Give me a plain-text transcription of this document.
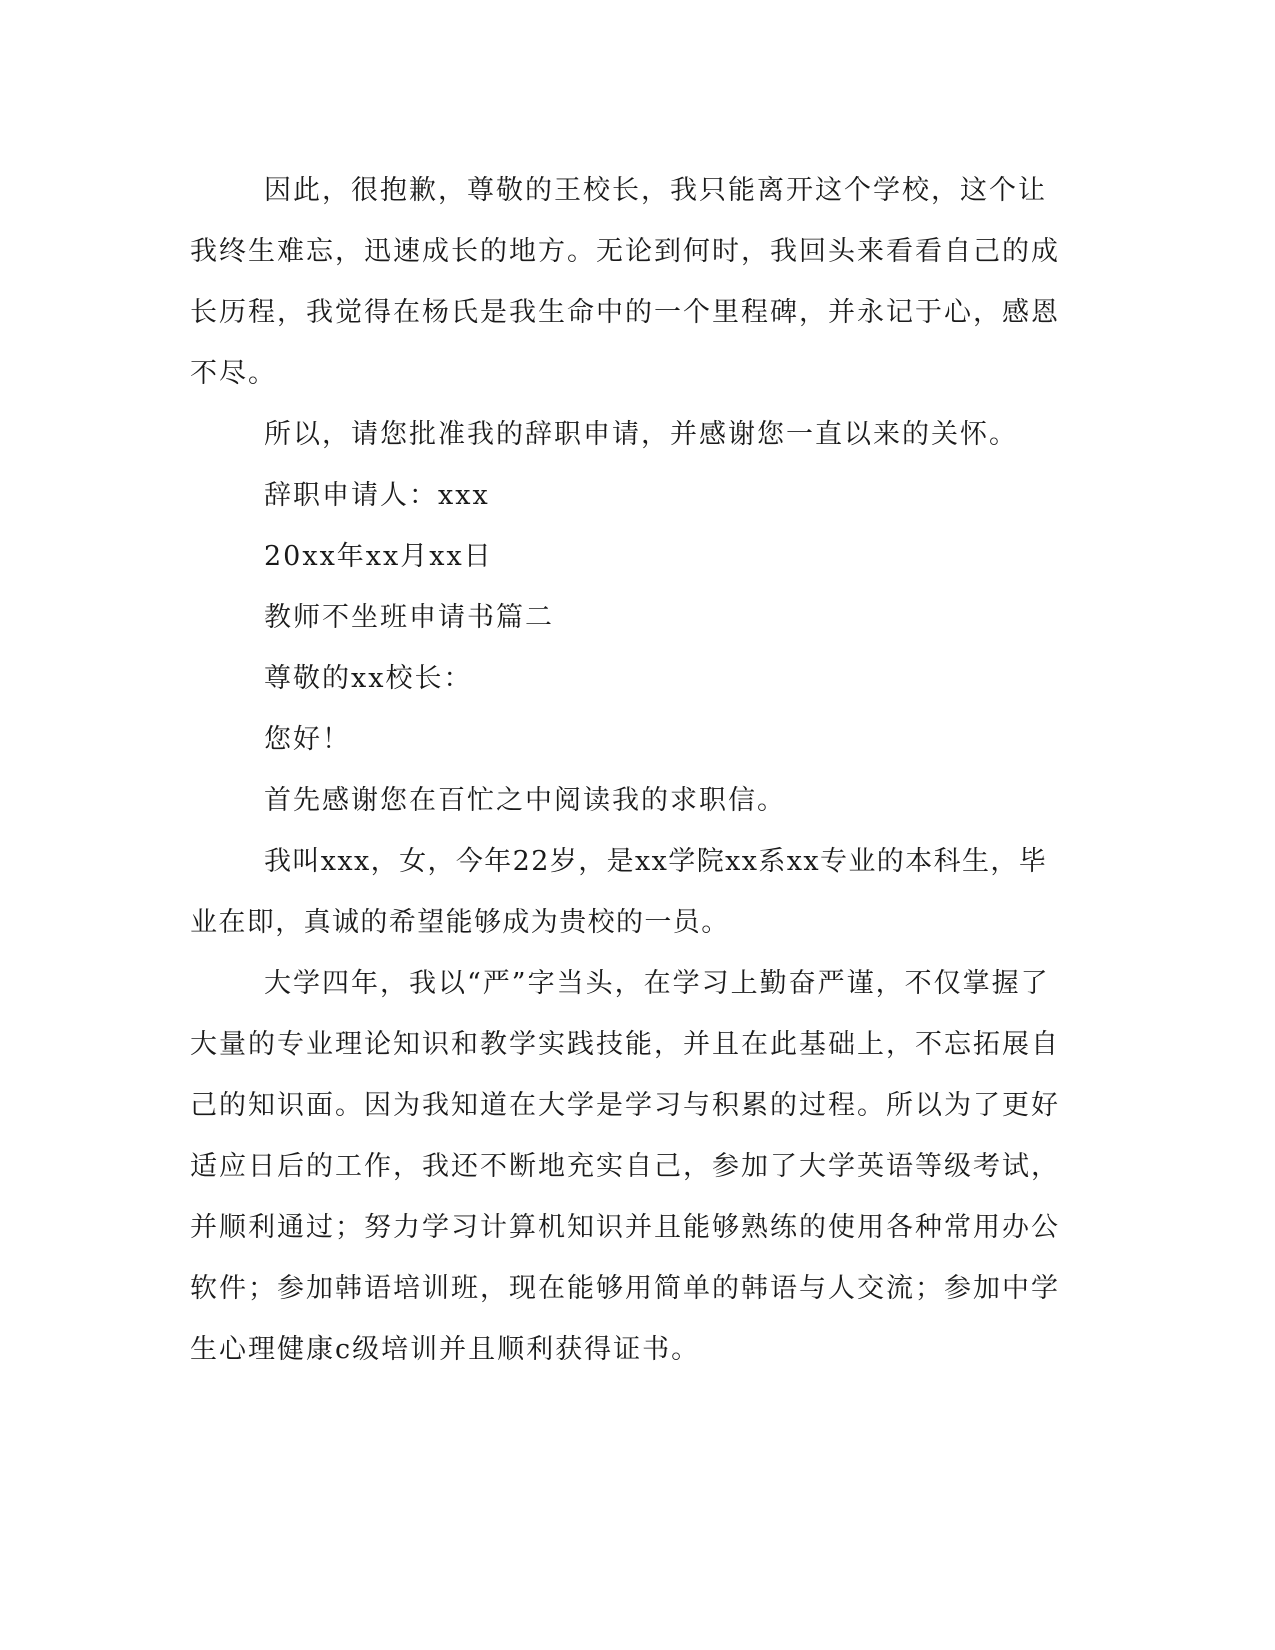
因此，很抱歉，尊敬的王校长，我只能离开这个学校，这个让我终生难忘，迅速成长的地方。无论到何时，我回头来看看自己的成长历程，我觉得在杨氏是我生命中的一个里程碑，并永记于心，感恩不尽。

所以，请您批准我的辞职申请，并感谢您一直以来的关怀。

辞职申请人：xxx

20xx年xx月xx日

教师不坐班申请书篇二

尊敬的xx校长：

您好！

首先感谢您在百忙之中阅读我的求职信。

我叫xxx，女，今年22岁，是xx学院xx系xx专业的本科生，毕业在即，真诚的希望能够成为贵校的一员。

大学四年，我以“严”字当头，在学习上勤奋严谨，不仅掌握了大量的专业理论知识和教学实践技能，并且在此基础上，不忘拓展自己的知识面。因为我知道在大学是学习与积累的过程。所以为了更好适应日后的工作，我还不断地充实自己，参加了大学英语等级考试，并顺利通过；努力学习计算机知识并且能够熟练的使用各种常用办公软件；参加韩语培训班，现在能够用简单的韩语与人交流；参加中学生心理健康c级培训并且顺利获得证书。
